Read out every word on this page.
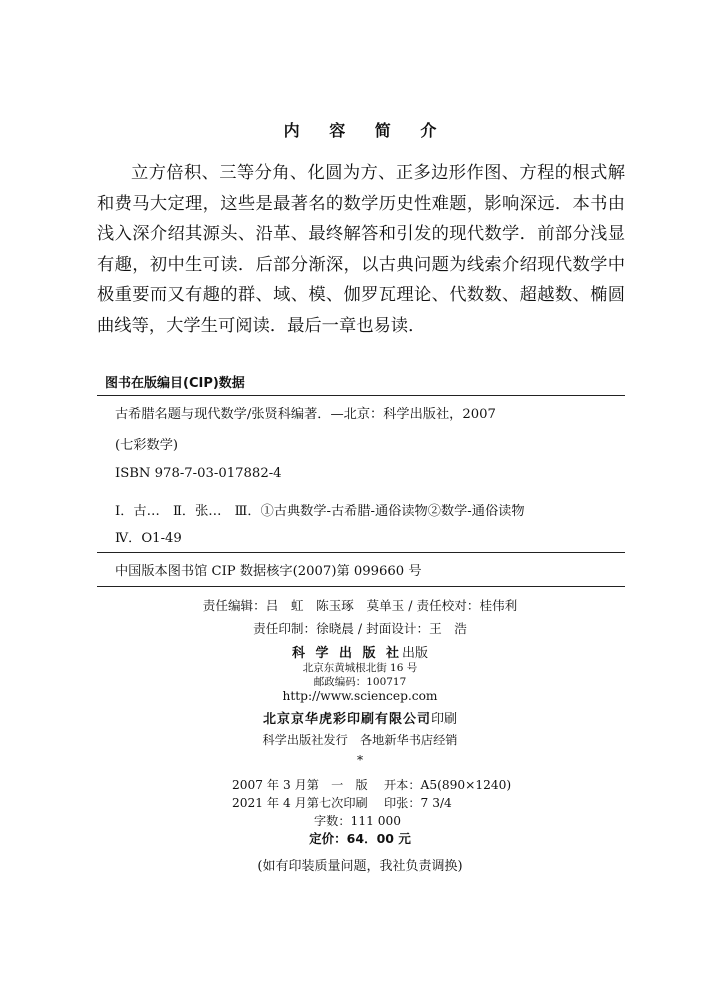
内 容 简 介
立方倍积、三等分角、化圆为方、正多边形作图、方程的根式解和费马大定理，这些是最著名的数学历史性难题，影响深远．本书由浅入深介绍其源头、沿革、最终解答和引发的现代数学．前部分浅显有趣，初中生可读．后部分渐深，以古典问题为线索介绍现代数学中极重要而又有趣的群、域、模、伽罗瓦理论、代数数、超越数、椭圆曲线等，大学生可阅读．最后一章也易读．
图书在版编目(CIP)数据
古希腊名题与现代数学/张贤科编著．—北京：科学出版社，2007
(七彩数学)
ISBN 978-7-03-017882-4
Ⅰ．古…　Ⅱ．张…　Ⅲ．①古典数学-古希腊-通俗读物②数学-通俗读物
Ⅳ．O1-49
中国版本图书馆 CIP 数据核字(2007)第 099660 号
责任编辑：吕　虹　陈玉琢　莫单玉 / 责任校对：桂伟利
责任印制：徐晓晨 / 封面设计：王　浩
科 学 出 版 社出版
北京东黄城根北街 16 号
邮政编码：100717
http://www.sciencep.com
北京京华虎彩印刷有限公司印刷
科学出版社发行　各地新华书店经销
*
2007 年 3 月第　一　版 开本：A5(890×1240)
2021 年 4 月第七次印刷 印张：7 3/4
字数：111 000
定价：64．00 元
(如有印装质量问题，我社负责调换)
